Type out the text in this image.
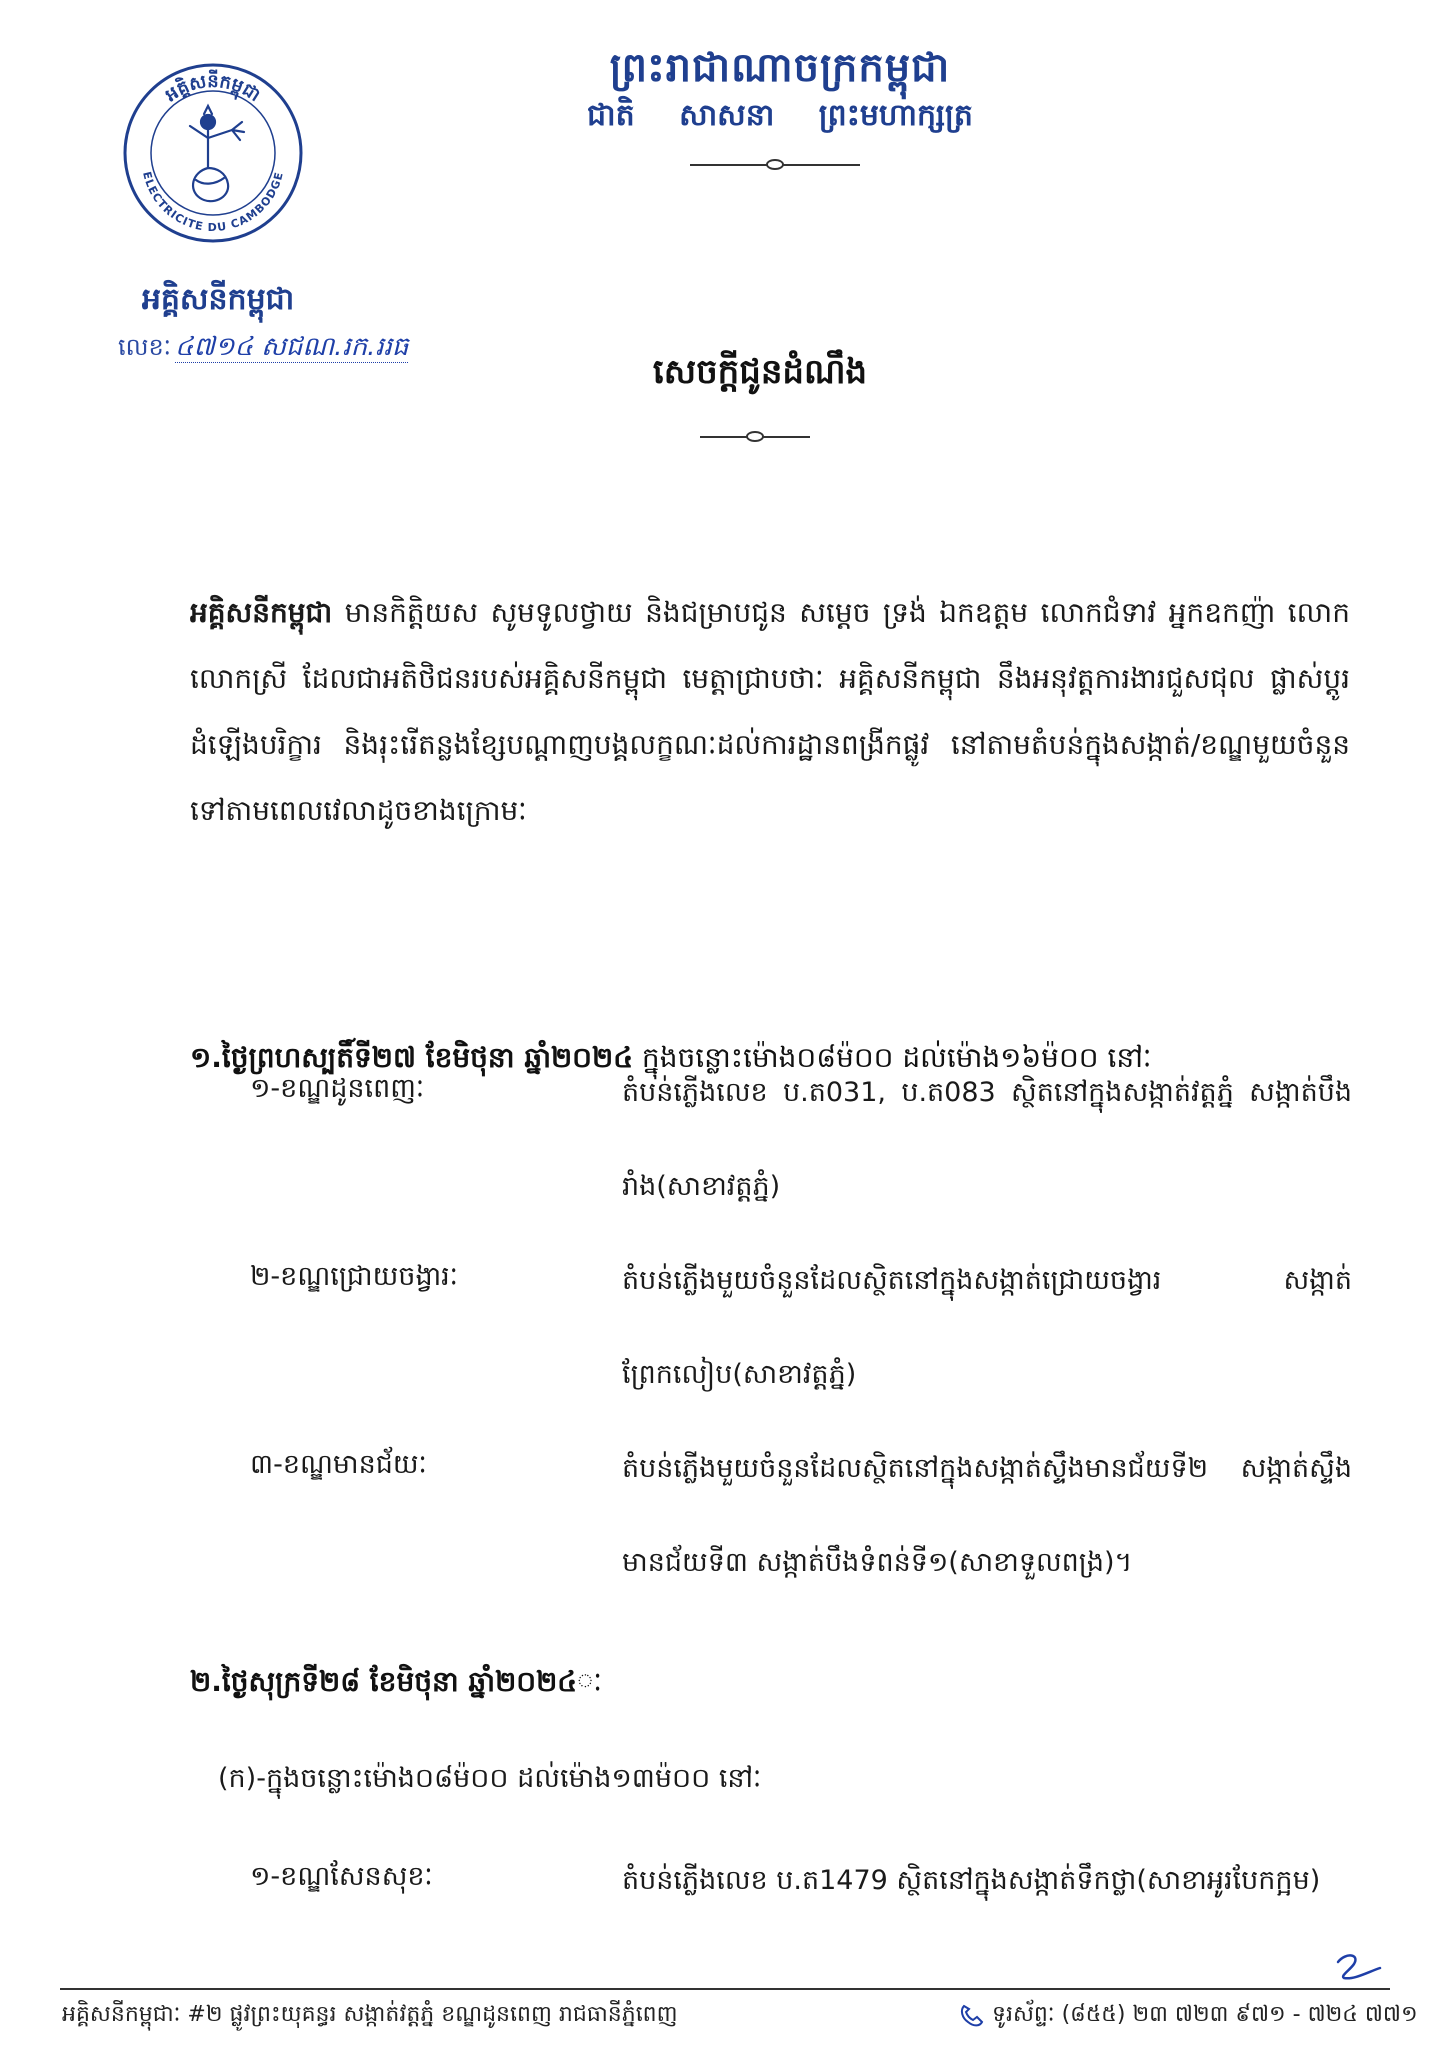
ព្រះរាជាណាចក្រកម្ពុជា
ជាតិ សាសនា ព្រះមហាក្សត្រ
អគ្គិសនីកម្ពុជា
ELECTRICITE DU CAMBODGE
អគ្គិសនីកម្ពុជា
លេខៈ ៤៧១៤ សជណ.រក.ររធ
សេចក្តីជូនដំណឹង
អគ្គិសនីកម្ពុជា មានកិត្តិយស សូមទូលថ្វាយ និងជម្រាបជូន សម្តេច ទ្រង់ ឯកឧត្តម លោកជំទាវ អ្នកឧកញ៉ា លោក លោកស្រី ដែលជាអតិថិជនរបស់អគ្គិសនីកម្ពុជា មេត្តាជ្រាបថាៈ អគ្គិសនីកម្ពុជា នឹងអនុវត្តការងារជួសជុល ផ្លាស់ប្តូរដំឡើងបរិក្ខារ និងរុះរើតន្លងខ្សែបណ្តាញបង្គលក្ខណៈដល់ការដ្ឋានពង្រីកផ្លូវ នៅតាមតំបន់ក្នុងសង្កាត់/ខណ្ឌមួយចំនួនទៅតាមពេលវេលាដូចខាងក្រោមៈ
១.ថ្ងៃព្រហស្បតិ៍ទី២៧ ខែមិថុនា ឆ្នាំ២០២៤ ក្នុងចន្លោះម៉ោង០៨ម៉០០ ដល់ម៉ោង១៦ម៉០០ នៅៈ
១-ខណ្ឌដូនពេញៈ	តំបន់ភ្លើងលេខ ប.ត031, ប.ត083 ស្ថិតនៅក្នុងសង្កាត់វត្តភ្នំ សង្កាត់បឹងរាំង(សាខាវត្តភ្នំ)
២-ខណ្ឌជ្រោយចង្វារៈ	តំបន់ភ្លើងមួយចំនួនដែលស្ថិតនៅក្នុងសង្កាត់ជ្រោយចង្វារ សង្កាត់ព្រែកលៀប(សាខាវត្តភ្នំ)
៣-ខណ្ឌមានជ័យៈ	តំបន់ភ្លើងមួយចំនួនដែលស្ថិតនៅក្នុងសង្កាត់ស្ទឹងមានជ័យទី២ សង្កាត់ស្ទឹងមានជ័យទី៣ សង្កាត់បឹងទំពន់ទី១(សាខាទួលពង្រ)។
២.ថ្ងៃសុក្រទី២៨ ខែមិថុនា ឆ្នាំ២០២៤ៈ
(ក)-ក្នុងចន្លោះម៉ោង០៨ម៉០០ ដល់ម៉ោង១៣ម៉០០ នៅៈ
១-ខណ្ឌសែនសុខៈ	តំបន់ភ្លើងលេខ ប.ត1479 ស្ថិតនៅក្នុងសង្កាត់ទឹកថ្លា(សាខាអូរបែកក្អម)
អគ្គិសនីកម្ពុជាៈ #២ ផ្លូវព្រះយុគន្ធរ សង្កាត់វត្តភ្នំ ខណ្ឌដូនពេញ រាជធានីភ្នំពេញ	ទូរស័ព្ទៈ (៨៥៥) ២៣ ៧២៣ ៩៧១ - ៧២៤ ៧៧១
